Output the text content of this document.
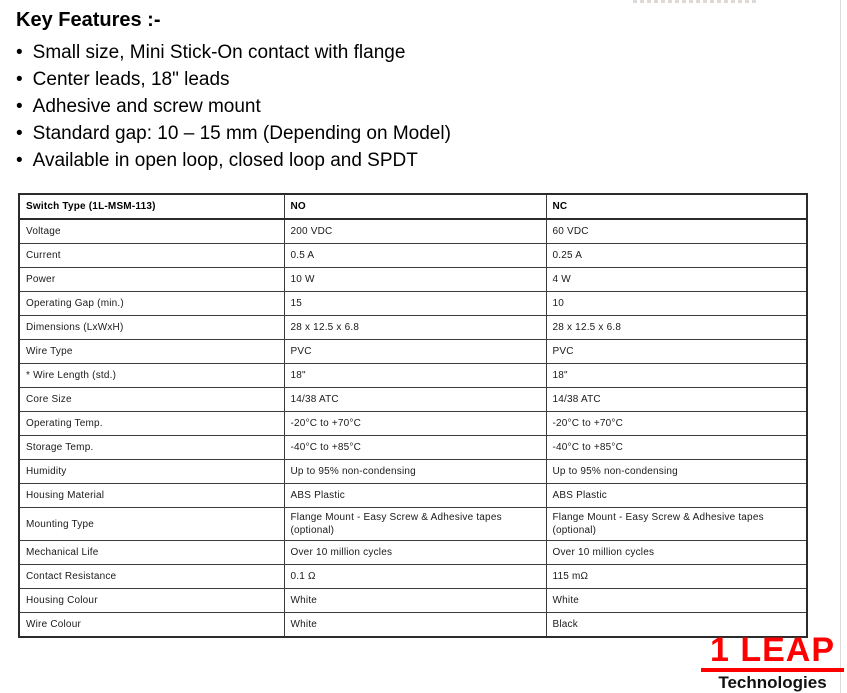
Key Features :-
• Small size, Mini Stick-On contact with flange
• Center leads, 18" leads
• Adhesive and screw mount
• Standard gap: 10 – 15 mm (Depending on Model)
• Available in open loop, closed loop and SPDT
Switch Type (1L-MSM-113)	NO	NC
Voltage	200 VDC	60 VDC
Current	0.5 A	0.25 A
Power	10 W	4 W
Operating Gap (min.)	15	10
Dimensions (LxWxH)	28 x 12.5 x 6.8	28 x 12.5 x 6.8
Wire Type	PVC	PVC
* Wire Length (std.)	18"	18"
Core Size	14/38 ATC	14/38 ATC
Operating Temp.	-20°C to +70°C	-20°C to +70°C
Storage Temp.	-40°C to +85°C	-40°C to +85°C
Humidity	Up to 95% non-condensing	Up to 95% non-condensing
Housing Material	ABS Plastic	ABS Plastic
Mounting Type	Flange Mount - Easy Screw & Adhesive tapes (optional)	Flange Mount - Easy Screw & Adhesive tapes (optional)
Mechanical Life	Over 10 million cycles	Over 10 million cycles
Contact Resistance	0.1 Ω	115 mΩ
Housing Colour	White	White
Wire Colour	White	Black
1 LEAP
Technologies
